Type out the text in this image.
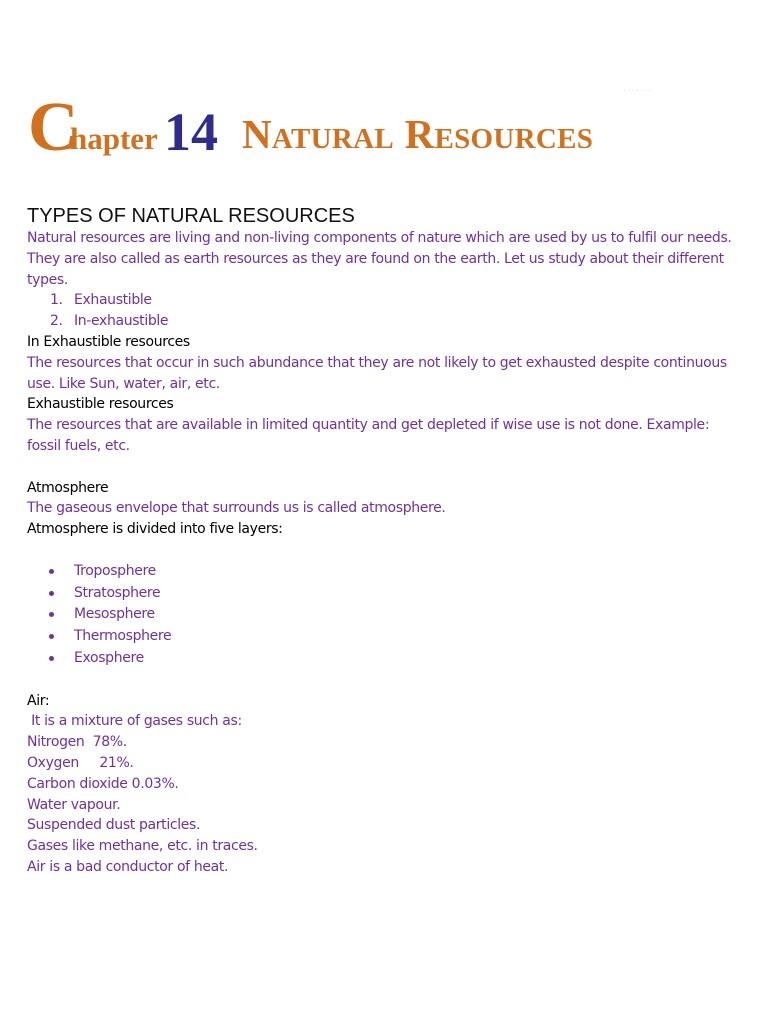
· · · · · · ·
C
hapter 14 Natural Resources
TYPES OF NATURAL RESOURCES

Natural resources are living and non-living components of nature which are used by us to fulfil our needs. They are also called as earth resources as they are found on the earth. Let us study about their different types.

1. Exhaustible
2. In-exhaustible

In Exhaustible resources

The resources that occur in such abundance that they are not likely to get exhausted despite continuous use. Like Sun, water, air, etc.

Exhaustible resources

The resources that are available in limited quantity and get depleted if wise use is not done. Example: fossil fuels, etc.

Atmosphere

The gaseous envelope that surrounds us is called atmosphere.

Atmosphere is divided into five layers:

Troposphere
Stratosphere
Mesosphere
Thermosphere
Exosphere

Air:

It is a mixture of gases such as:

Nitrogen  78%.

Oxygen     21%.

Carbon dioxide 0.03%.

Water vapour.

Suspended dust particles.

Gases like methane, etc. in traces.

Air is a bad conductor of heat.
